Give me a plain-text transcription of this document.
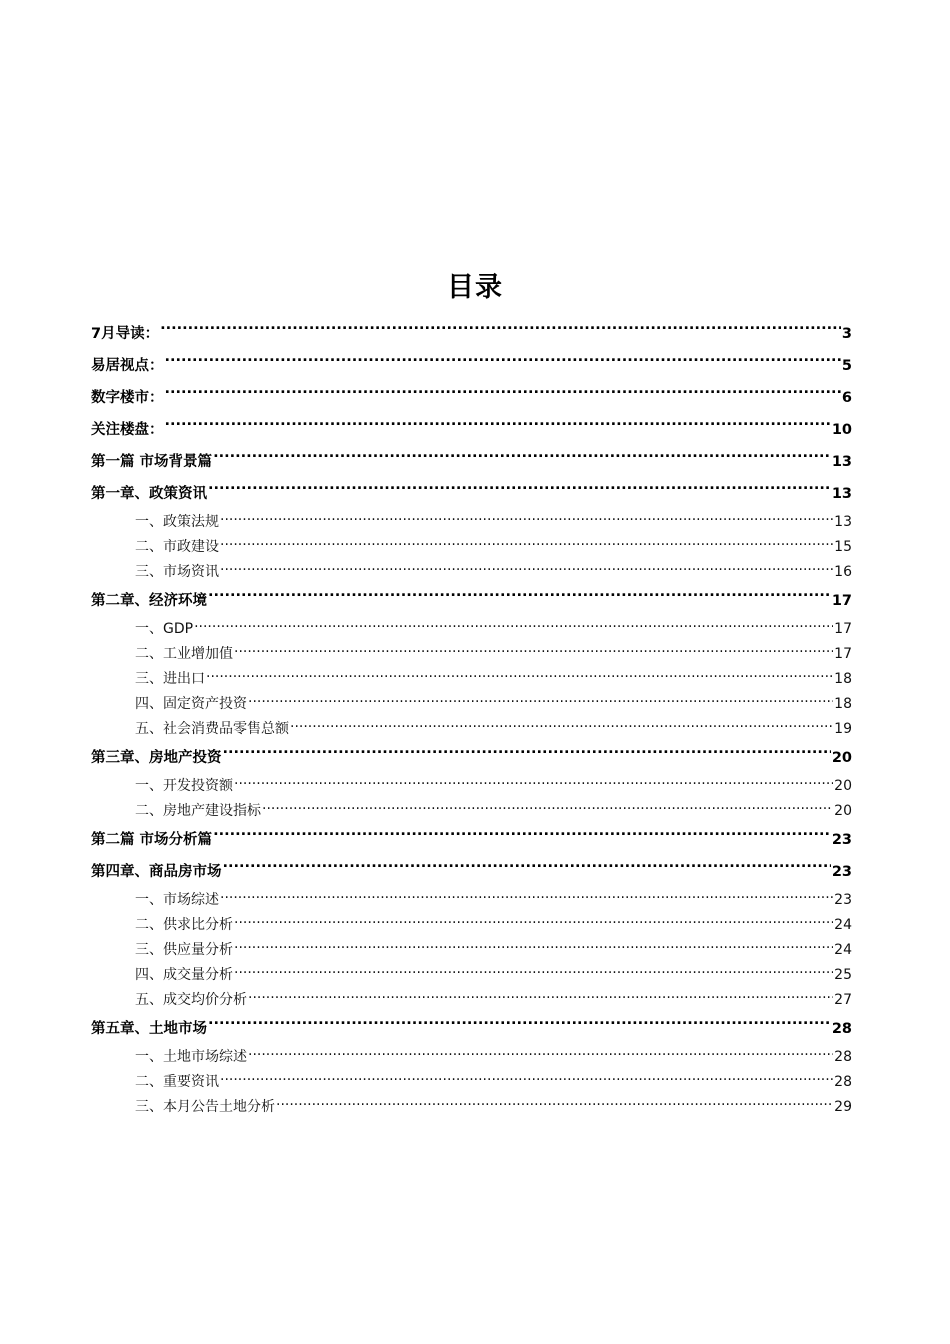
目录
7月导读： .....	3
易居视点： .....	5
数字楼市： .....	6
关注楼盘： .....	10
第一篇 市场背景篇 .....	13
第一章、政策资讯 .....	13
一、政策法规 .....	13
二、市政建设 .....	15
三、市场资讯 .....	16
第二章、经济环境 .....	17
一、GDP .....	17
二、工业增加值 .....	17
三、进出口 .....	18
四、固定资产投资 .....	18
五、社会消费品零售总额 .....	19
第三章、房地产投资 .....	20
一、开发投资额 .....	20
二、房地产建设指标 .....	20
第二篇 市场分析篇 .....	23
第四章、商品房市场 .....	23
一、市场综述 .....	23
二、供求比分析 .....	24
三、供应量分析 .....	24
四、成交量分析 .....	25
五、成交均价分析 .....	27
第五章、土地市场 .....	28
一、土地市场综述 .....	28
二、重要资讯 .....	28
三、本月公告土地分析 .....	29
